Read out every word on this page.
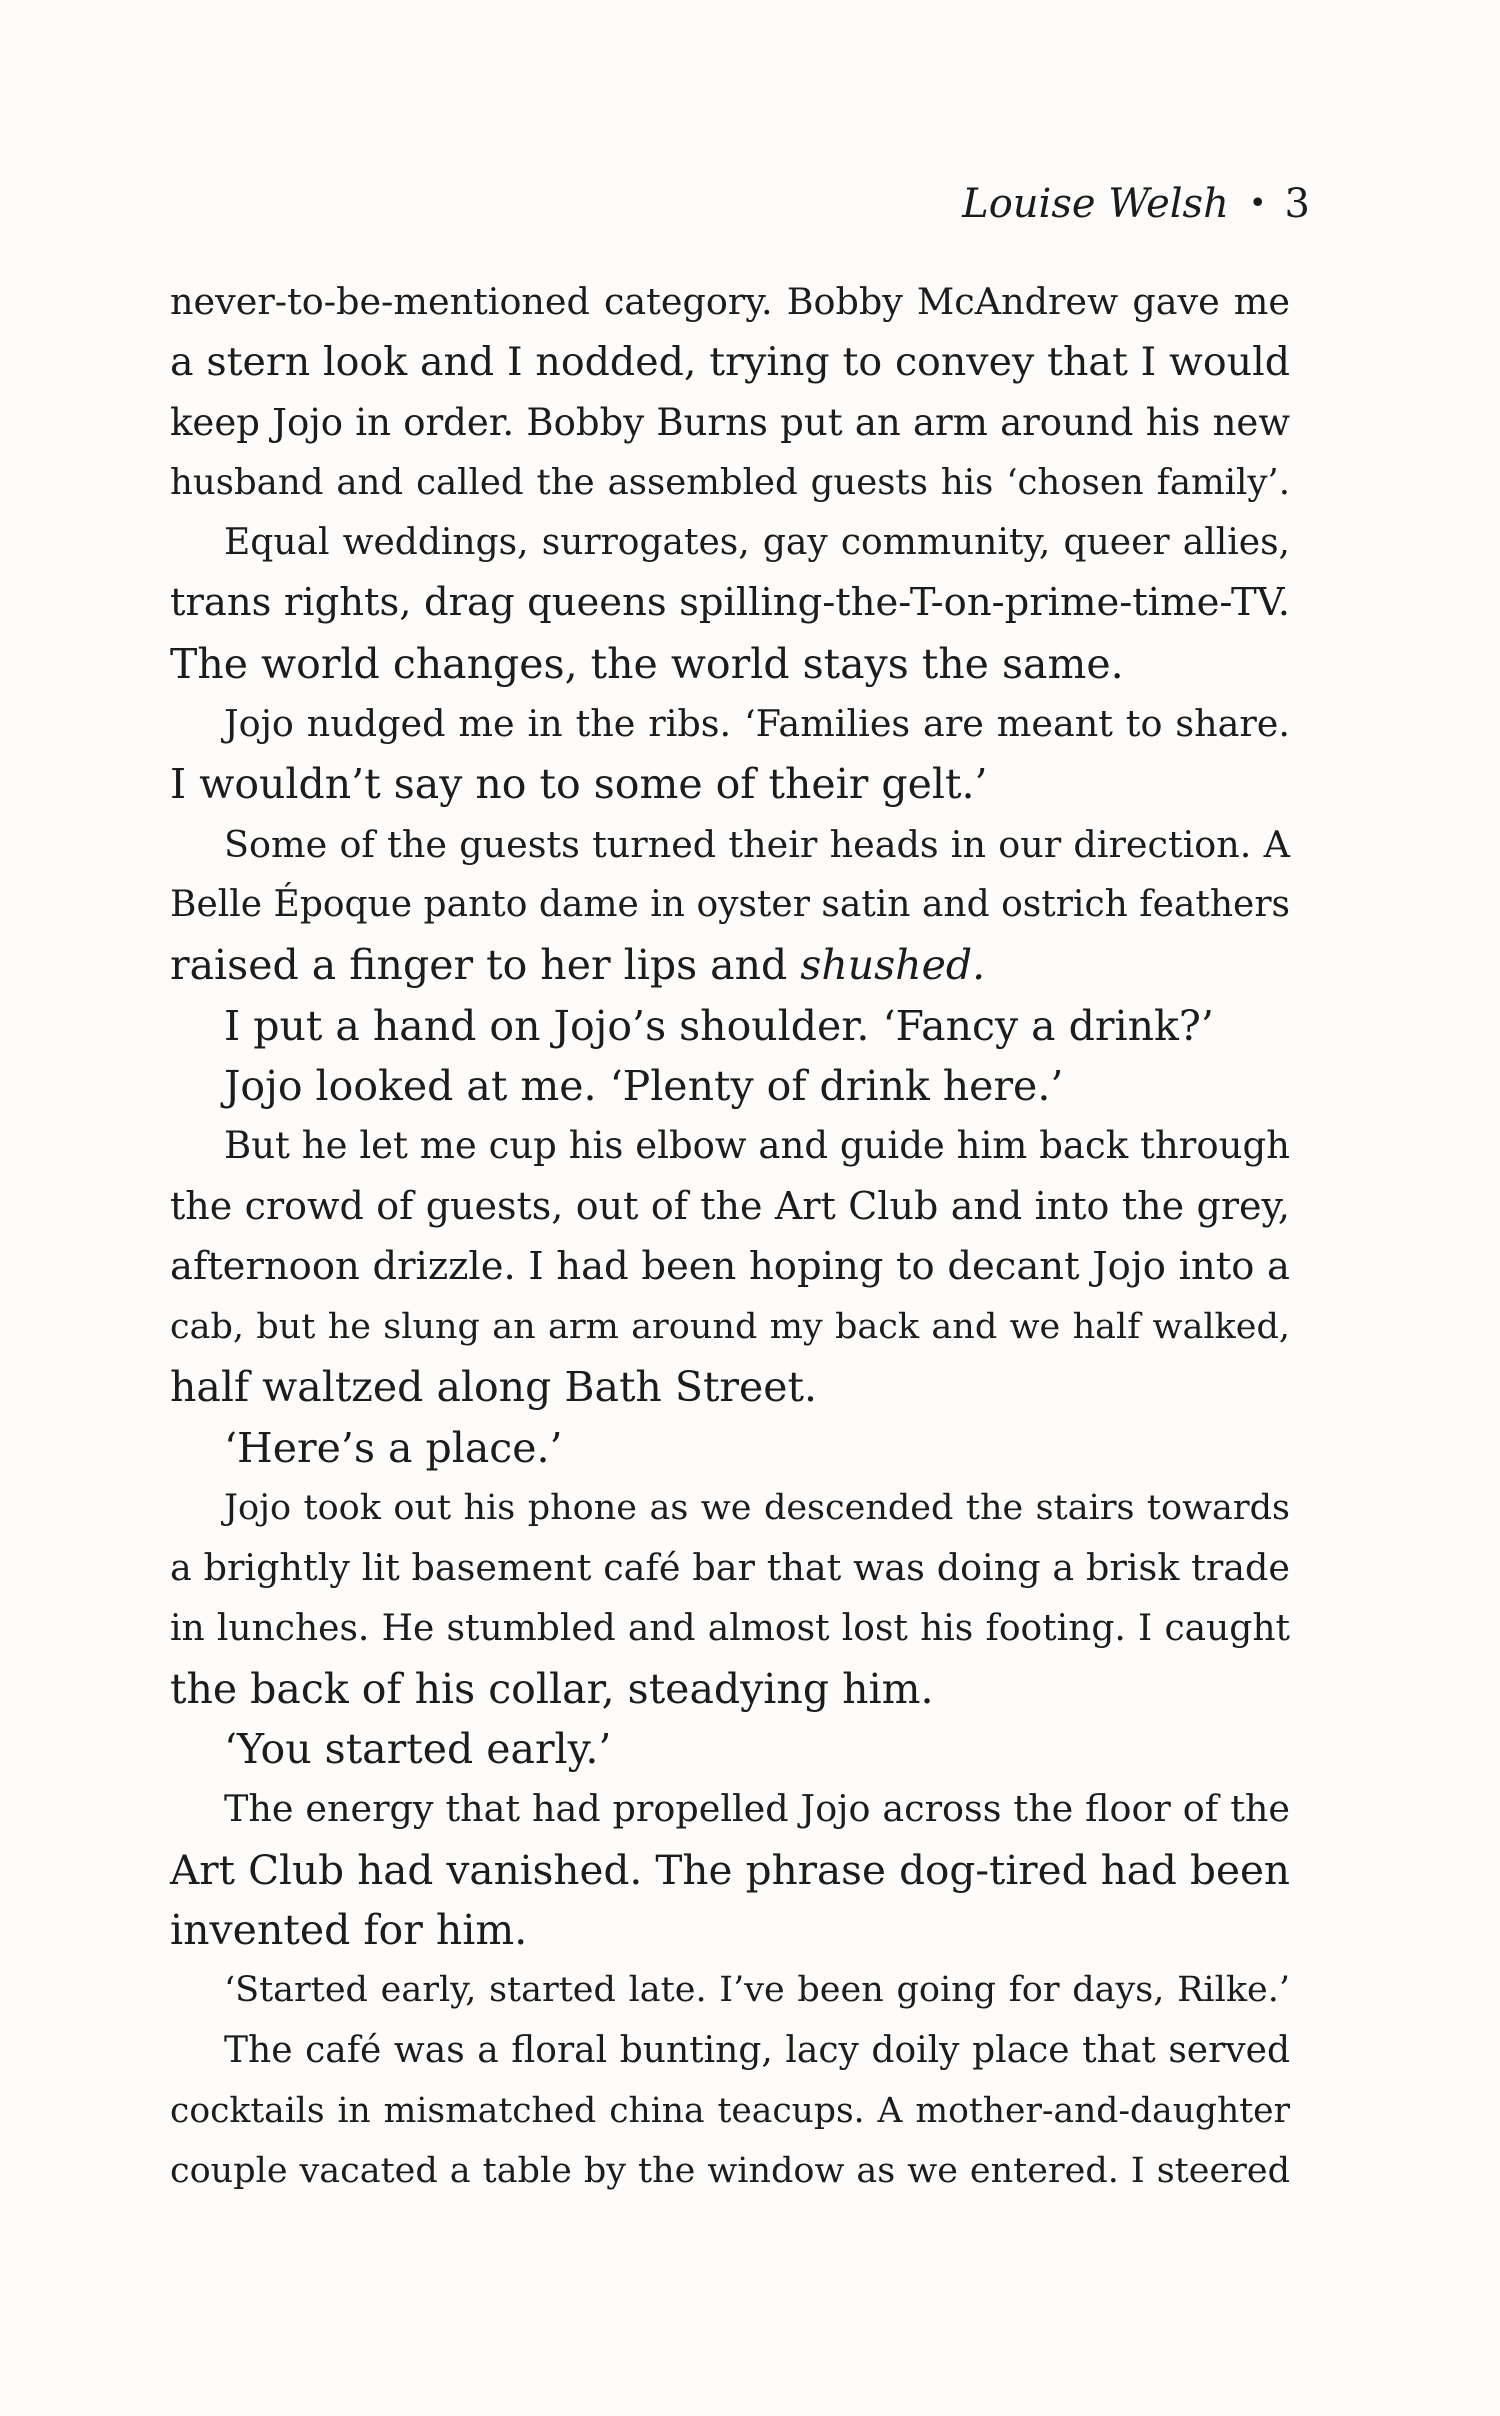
Louise Welsh • 3
never-to-be-mentioned category. Bobby McAndrew gave me
a stern look and I nodded, trying to convey that I would
keep Jojo in order. Bobby Burns put an arm around his new
husband and called the assembled guests his ‘chosen family’.
Equal weddings, surrogates, gay community, queer allies,
trans rights, drag queens spilling-the-T-on-prime-time-TV.
The world changes, the world stays the same.
Jojo nudged me in the ribs. ‘Families are meant to share.
I wouldn’t say no to some of their gelt.’
Some of the guests turned their heads in our direction. A
Belle Époque panto dame in oyster satin and ostrich feathers
raised a finger to her lips and shushed.
I put a hand on Jojo’s shoulder. ‘Fancy a drink?’
Jojo looked at me. ‘Plenty of drink here.’
But he let me cup his elbow and guide him back through
the crowd of guests, out of the Art Club and into the grey,
afternoon drizzle. I had been hoping to decant Jojo into a
cab, but he slung an arm around my back and we half walked,
half waltzed along Bath Street.
‘Here’s a place.’
Jojo took out his phone as we descended the stairs towards
a brightly lit basement café bar that was doing a brisk trade
in lunches. He stumbled and almost lost his footing. I caught
the back of his collar, steadying him.
‘You started early.’
The energy that had propelled Jojo across the floor of the
Art Club had vanished. The phrase dog-tired had been
invented for him.
‘Started early, started late. I’ve been going for days, Rilke.’
The café was a floral bunting, lacy doily place that served
cocktails in mismatched china teacups. A mother-and-daughter
couple vacated a table by the window as we entered. I steered
